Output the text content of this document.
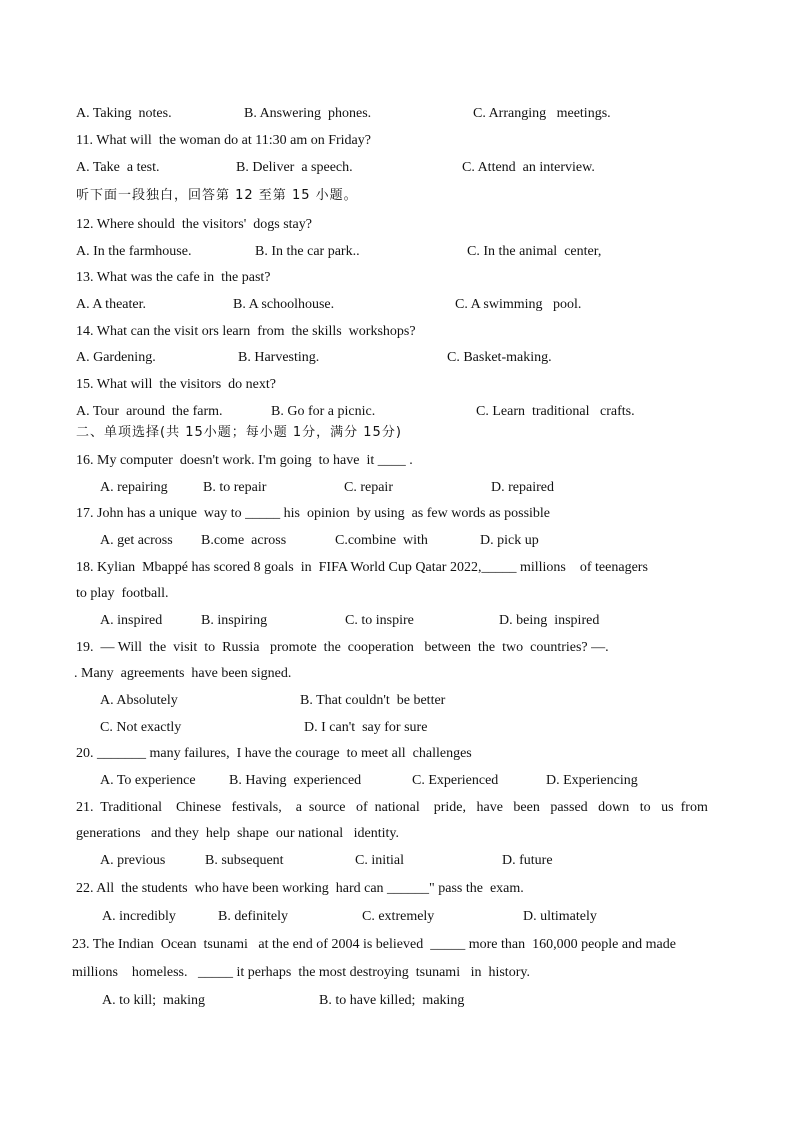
A. Taking  notes.	B. Answering  phones.	C. Arranging   meetings.
11. What will  the woman do at 11:30 am on Friday?
A. Take  a test.	B. Deliver  a speech.	C. Attend  an interview.
听下面一段独白，回答第 12 至第 15 小题。
12. Where should  the visitors'  dogs stay?
A. In the farmhouse.	B. In the car park..	C. In the animal  center,
13. What was the cafe in  the past?
A. A theater.	B. A schoolhouse.	C. A swimming   pool.
14. What can the visit ors learn  from  the skills  workshops?
A. Gardening.	B. Harvesting.	C. Basket-making.
15. What will  the visitors  do next?
A. Tour  around  the farm.	B. Go for a picnic.	C. Learn  traditional   crafts.
二、单项选择(共 15小题；每小题 1分，满分 15分)
16. My computer  doesn't work. I'm going  to have  it ____ .
A. repairing	B. to repair	C. repair	D. repaired
17. John has a unique  way to _____ his  opinion  by using  as few words as possible
A. get across B.come  across	C.combine  with	D. pick up
18. Kylian  Mbappé has scored 8 goals  in  FIFA World Cup Qatar 2022,_____ millions    of teenagers
to play  football.
A. inspired	B. inspiring	C. to inspire	D. being  inspired
19.  — Will  the  visit  to  Russia   promote  the  cooperation   between  the  two  countries? —.
. Many  agreements  have been signed.
A. Absolutely	B. That couldn't  be better
C. Not exactly	D. I can't  say for sure
20. _______ many failures,  I have the courage  to meet all  challenges
A. To experience B. Having  experienced	C. Experienced	D. Experiencing
21.  Traditional    Chinese   festivals,    a  source   of  national    pride,   have   been   passed   down   to   us  from
generations   and they  help  shape  our national   identity.
A. previous	B. subsequent	C. initial	D. future
22. All  the students  who have been working  hard can ______" pass the  exam.
A. incredibly	B. definitely	C. extremely	D. ultimately
23. The Indian  Ocean  tsunami   at the end of 2004 is believed  _____ more than  160,000 people and made
millions    homeless.   _____ it perhaps  the most destroying  tsunami   in  history.
A. to kill;  making	B. to have killed;  making
